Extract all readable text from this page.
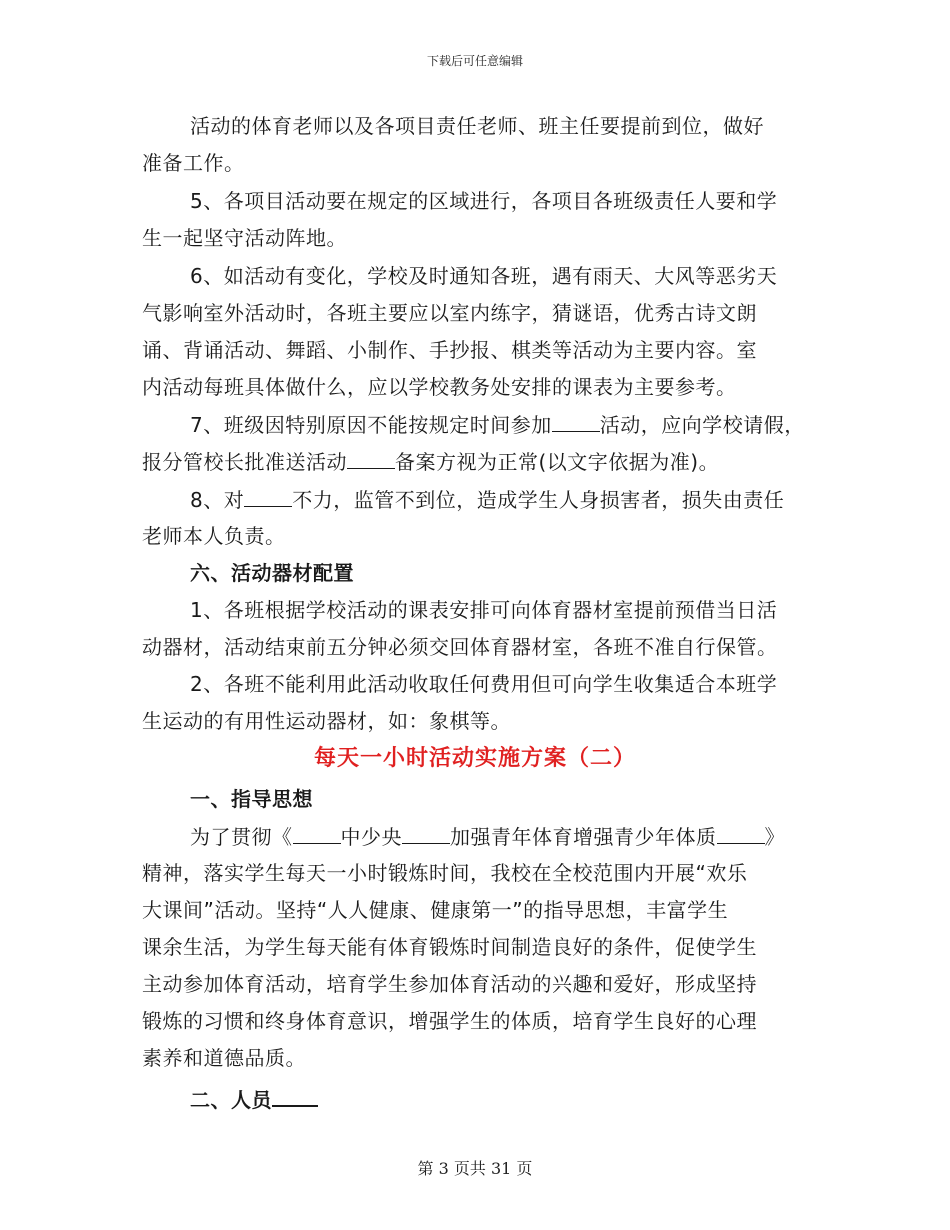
下载后可任意编辑
活动的体育老师以及各项目责任老师、班主任要提前到位，做好
准备工作。
5、各项目活动要在规定的区域进行，各项目各班级责任人要和学
生一起坚守活动阵地。
6、如活动有变化，学校及时通知各班，遇有雨天、大风等恶劣天
气影响室外活动时，各班主要应以室内练字，猜谜语，优秀古诗文朗
诵、背诵活动、舞蹈、小制作、手抄报、棋类等活动为主要内容。室
内活动每班具体做什么，应以学校教务处安排的课表为主要参考。
7、班级因特别原因不能按规定时间参加 活动，应向学校请假，
报分管校长批准送活动 备案方视为正常(以文字依据为准)。
8、对 不力，监管不到位，造成学生人身损害者，损失由责任
老师本人负责。
六、活动器材配置
1、各班根据学校活动的课表安排可向体育器材室提前预借当日活
动器材，活动结束前五分钟必须交回体育器材室，各班不准自行保管。
2、各班不能利用此活动收取任何费用但可向学生收集适合本班学
生运动的有用性运动器材，如：象棋等。
每天一小时活动实施方案（二）
一、指导思想
为了贯彻《 中少央 加强青年体育增强青少年体质 》
精神，落实学生每天一小时锻炼时间，我校在全校范围内开展“欢乐
大课间”活动。坚持“人人健康、健康第一”的指导思想，丰富学生
课余生活，为学生每天能有体育锻炼时间制造良好的条件，促使学生
主动参加体育活动，培育学生参加体育活动的兴趣和爱好，形成坚持
锻炼的习惯和终身体育意识，增强学生的体质，培育学生良好的心理
素养和道德品质。
二、人员
第 3 页共 31 页
